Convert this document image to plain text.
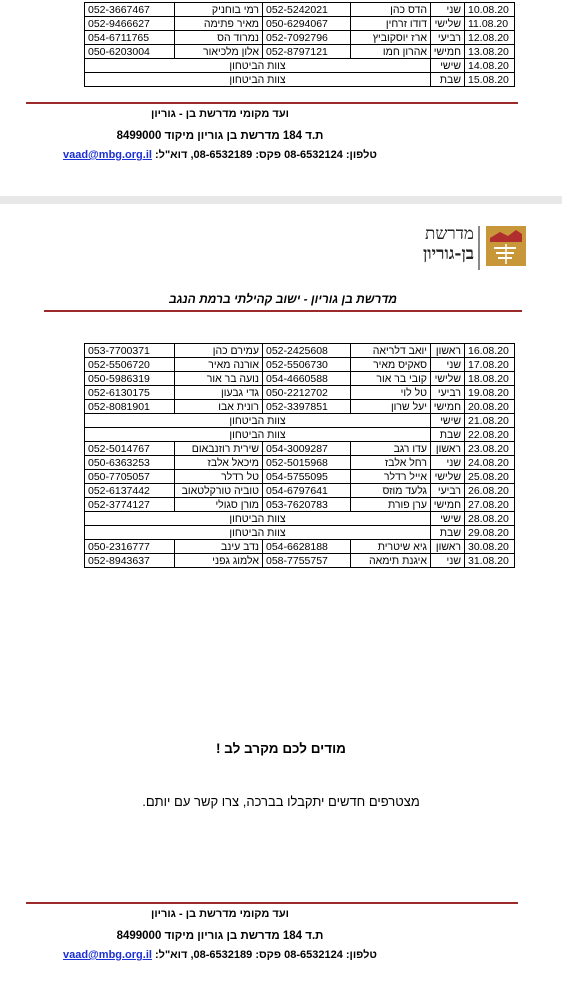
10.08.20	שני	הדס כהן	052-5242021	רמי בוחניק	052-3667467
11.08.20	שלישי	דודו זרחין	050-6294067	מאיר פתימה	052-9466627
12.08.20	רביעי	ארז יוסקוביץ	052-7092796	נמרוד הס	054-6711765
13.08.20	חמישי	אהרון חמו	052-8797121	אלון מלכיאור	050-6203004
14.08.20	שישי	צוות הביטחון			
15.08.20	שבת	צוות הביטחון			
ועד מקומי מדרשת בן - גוריון
ת.ד 184 מדרשת בן גוריון מיקוד 8499000
טלפון: 08-6532124 פקס: 08-6532189, דוא"ל: vaad@mbg.org.il
מדרשת
בן-גוריון
מדרשת בן גוריון - ישוב קהילתי ברמת הנגב
16.08.20	ראשון	יואב דלריאה	052-2425608	עמירם כהן	053-7700371
17.08.20	שני	סאקיס מאיר	052-5506730	אורנה מאיר	052-5506720
18.08.20	שלישי	קובי בר אור	054-4660588	נועה בר אור	050-5986319
19.08.20	רביעי	טל לוי	050-2212702	גדי גבעון	052-6130175
20.08.20	חמישי	יעל שרון	052-3397851	רונית אבו	052-8081901
21.08.20	שישי	צוות הביטחון			
22.08.20	שבת	צוות הביטחון			
23.08.20	ראשון	עדו רגב	054-3009287	שירית רוזנבאום	052-5014767
24.08.20	שני	רחל אלבז	052-5015968	מיכאל אלבז	050-6363253
25.08.20	שלישי	אייל רדלר	054-5755095	טל רדלר	050-7705057
26.08.20	רביעי	גלעד מוזס	054-6797641	טוביה טורקלטאוב	052-6137442
27.08.20	חמישי	ערן פורת	053-7620783	מורן סגולי	052-3774127
28.08.20	שישי	צוות הביטחון			
29.08.20	שבת	צוות הביטחון			
30.08.20	ראשון	גיא שיטרית	054-6628188	נדב עינב	050-2316777
31.08.20	שני	איגנת תימאה	058-7755757	אלמוג גפני	052-8943637
מודים לכם מקרב לב !
מצטרפים חדשים יתקבלו בברכה, צרו קשר עם יותם.
ועד מקומי מדרשת בן - גוריון
ת.ד 184 מדרשת בן גוריון מיקוד 8499000
טלפון: 08-6532124 פקס: 08-6532189, דוא"ל: vaad@mbg.org.il
